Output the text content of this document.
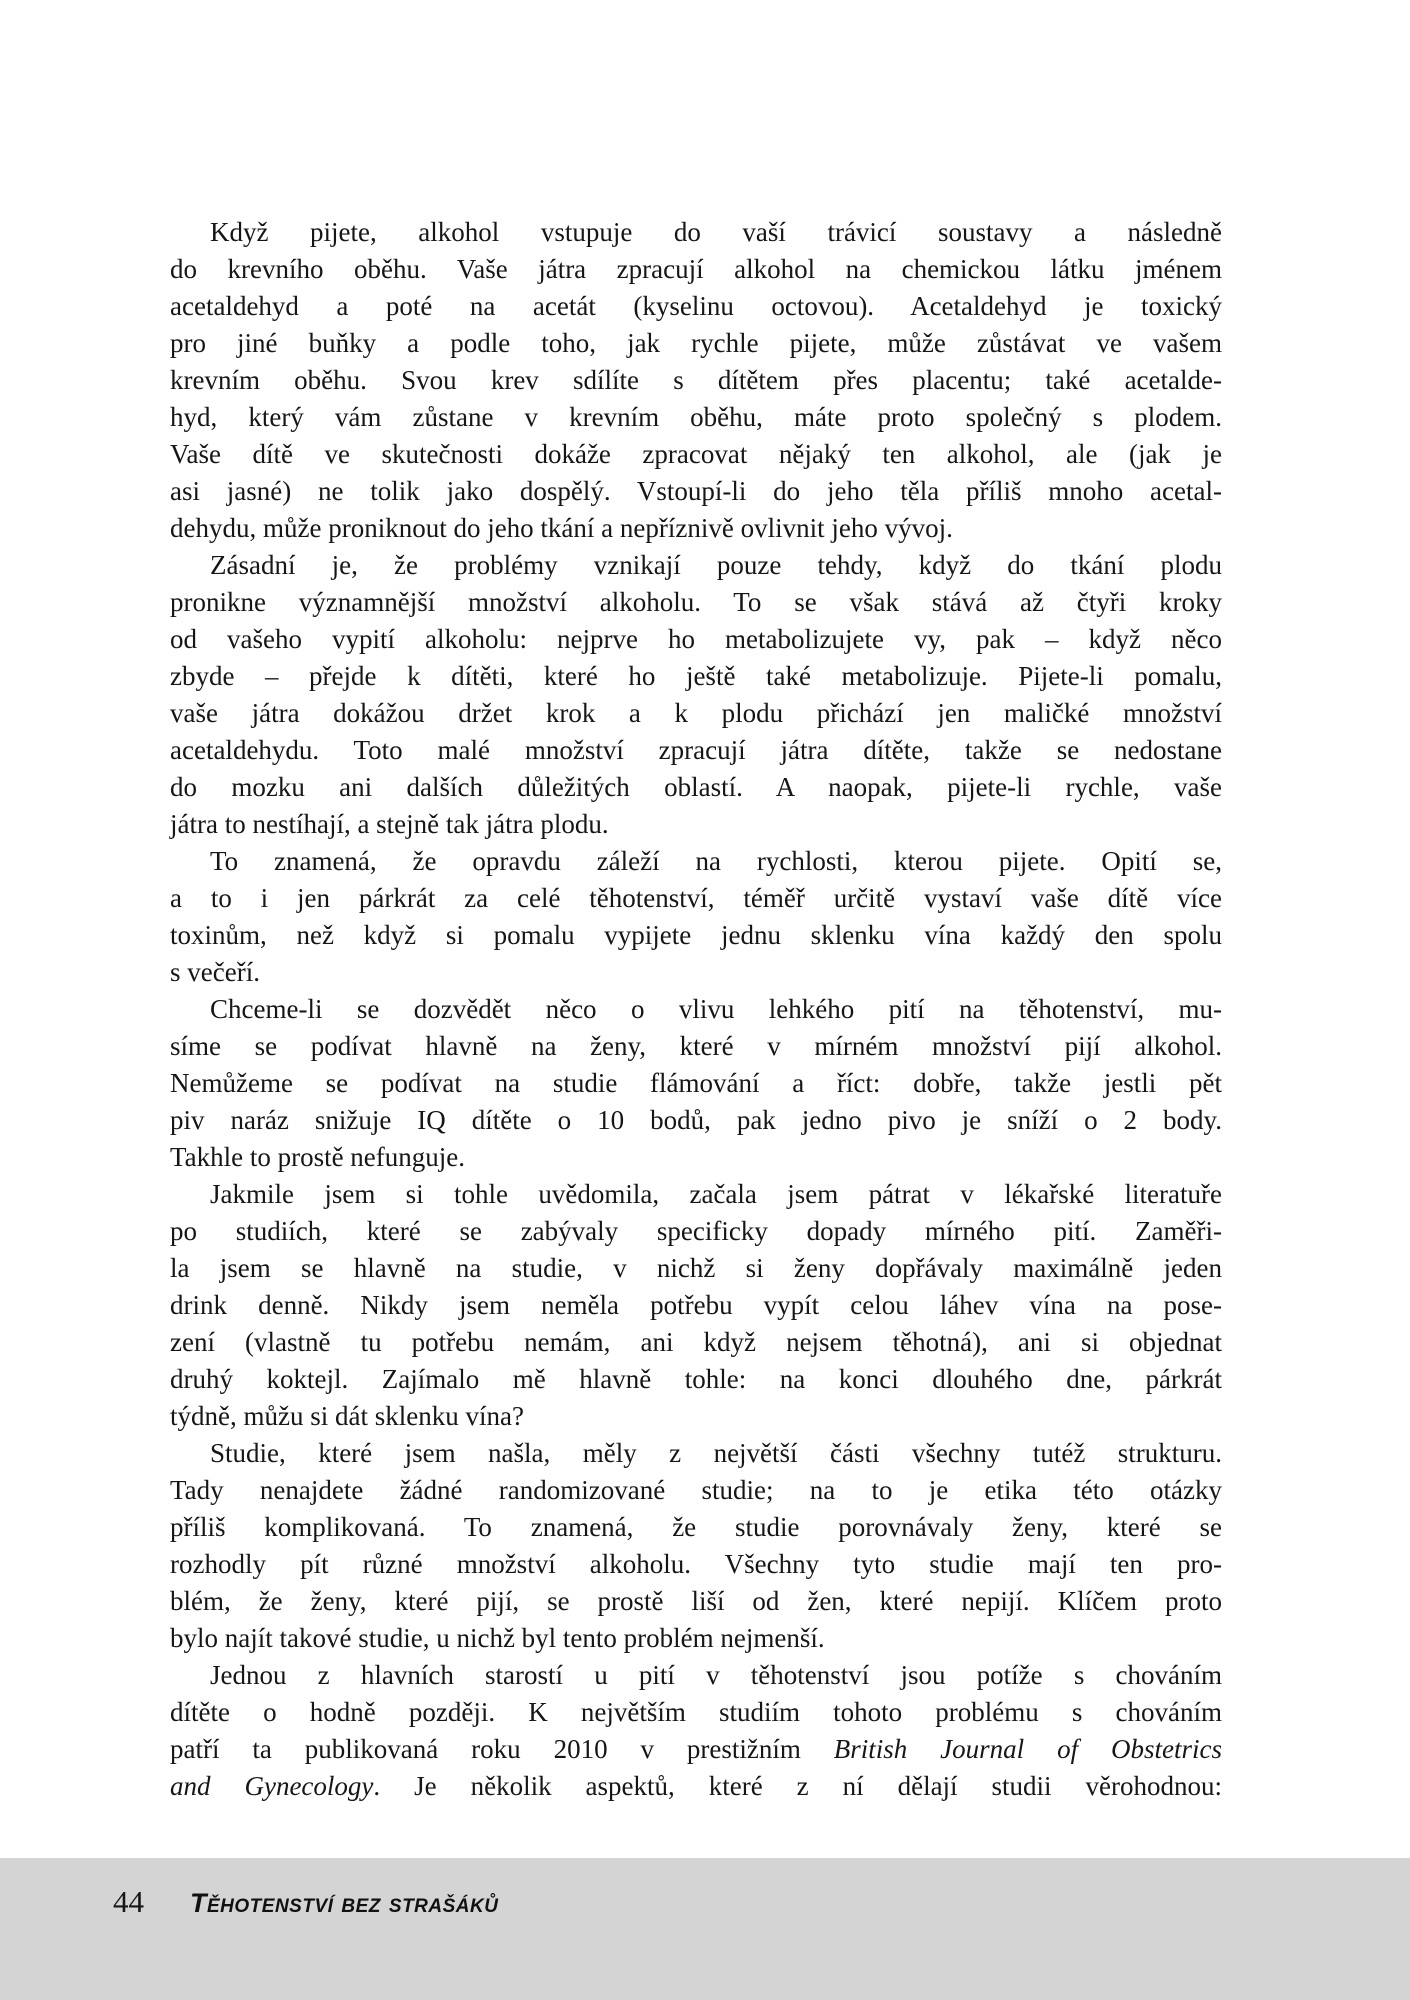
Když pijete, alkohol vstupuje do vaší trávicí soustavy a následně
do krevního oběhu. Vaše játra zpracují alkohol na chemickou látku jménem
acetaldehyd a poté na acetát (kyselinu octovou). Acetaldehyd je toxický
pro jiné buňky a podle toho, jak rychle pijete, může zůstávat ve vašem
krevním oběhu. Svou krev sdílíte s dítětem přes placentu; také acetalde-
hyd, který vám zůstane v krevním oběhu, máte proto společný s plodem.
Vaše dítě ve skutečnosti dokáže zpracovat nějaký ten alkohol, ale (jak je
asi jasné) ne tolik jako dospělý. Vstoupí-li do jeho těla příliš mnoho acetal-
dehydu, může proniknout do jeho tkání a nepříznivě ovlivnit jeho vývoj.
Zásadní je, že problémy vznikají pouze tehdy, když do tkání plodu
pronikne významnější množství alkoholu. To se však stává až čtyři kroky
od vašeho vypití alkoholu: nejprve ho metabolizujete vy, pak – když něco
zbyde – přejde k dítěti, které ho ještě také metabolizuje. Pijete-li pomalu,
vaše játra dokážou držet krok a k plodu přichází jen maličké množství
acetaldehydu. Toto malé množství zpracují játra dítěte, takže se nedostane
do mozku ani dalších důležitých oblastí. A naopak, pijete-li rychle, vaše
játra to nestíhají, a stejně tak játra plodu.
To znamená, že opravdu záleží na rychlosti, kterou pijete. Opití se,
a to i jen párkrát za celé těhotenství, téměř určitě vystaví vaše dítě více
toxinům, než když si pomalu vypijete jednu sklenku vína každý den spolu
s večeří.
Chceme-li se dozvědět něco o vlivu lehkého pití na těhotenství, mu-
síme se podívat hlavně na ženy, které v mírném množství pijí alkohol.
Nemůžeme se podívat na studie flámování a říct: dobře, takže jestli pět
piv naráz snižuje IQ dítěte o 10 bodů, pak jedno pivo je sníží o 2 body.
Takhle to prostě nefunguje.
Jakmile jsem si tohle uvědomila, začala jsem pátrat v lékařské literatuře
po studiích, které se zabývaly specificky dopady mírného pití. Zaměři-
la jsem se hlavně na studie, v nichž si ženy dopřávaly maximálně jeden
drink denně. Nikdy jsem neměla potřebu vypít celou láhev vína na pose-
zení (vlastně tu potřebu nemám, ani když nejsem těhotná), ani si objednat
druhý koktejl. Zajímalo mě hlavně tohle: na konci dlouhého dne, párkrát
týdně, můžu si dát sklenku vína?
Studie, které jsem našla, měly z největší části všechny tutéž strukturu.
Tady nenajdete žádné randomizované studie; na to je etika této otázky
příliš komplikovaná. To znamená, že studie porovnávaly ženy, které se
rozhodly pít různé množství alkoholu. Všechny tyto studie mají ten pro-
blém, že ženy, které pijí, se prostě liší od žen, které nepijí. Klíčem proto
bylo najít takové studie, u nichž byl tento problém nejmenší.
Jednou z hlavních starostí u pití v těhotenství jsou potíže s chováním
dítěte o hodně později. K největším studiím tohoto problému s chováním
patří ta publikovaná roku 2010 v prestižním British Journal of Obstetrics
and Gynecology. Je několik aspektů, které z ní dělají studii věrohodnou:
44 Těhotenství bez strašáků
